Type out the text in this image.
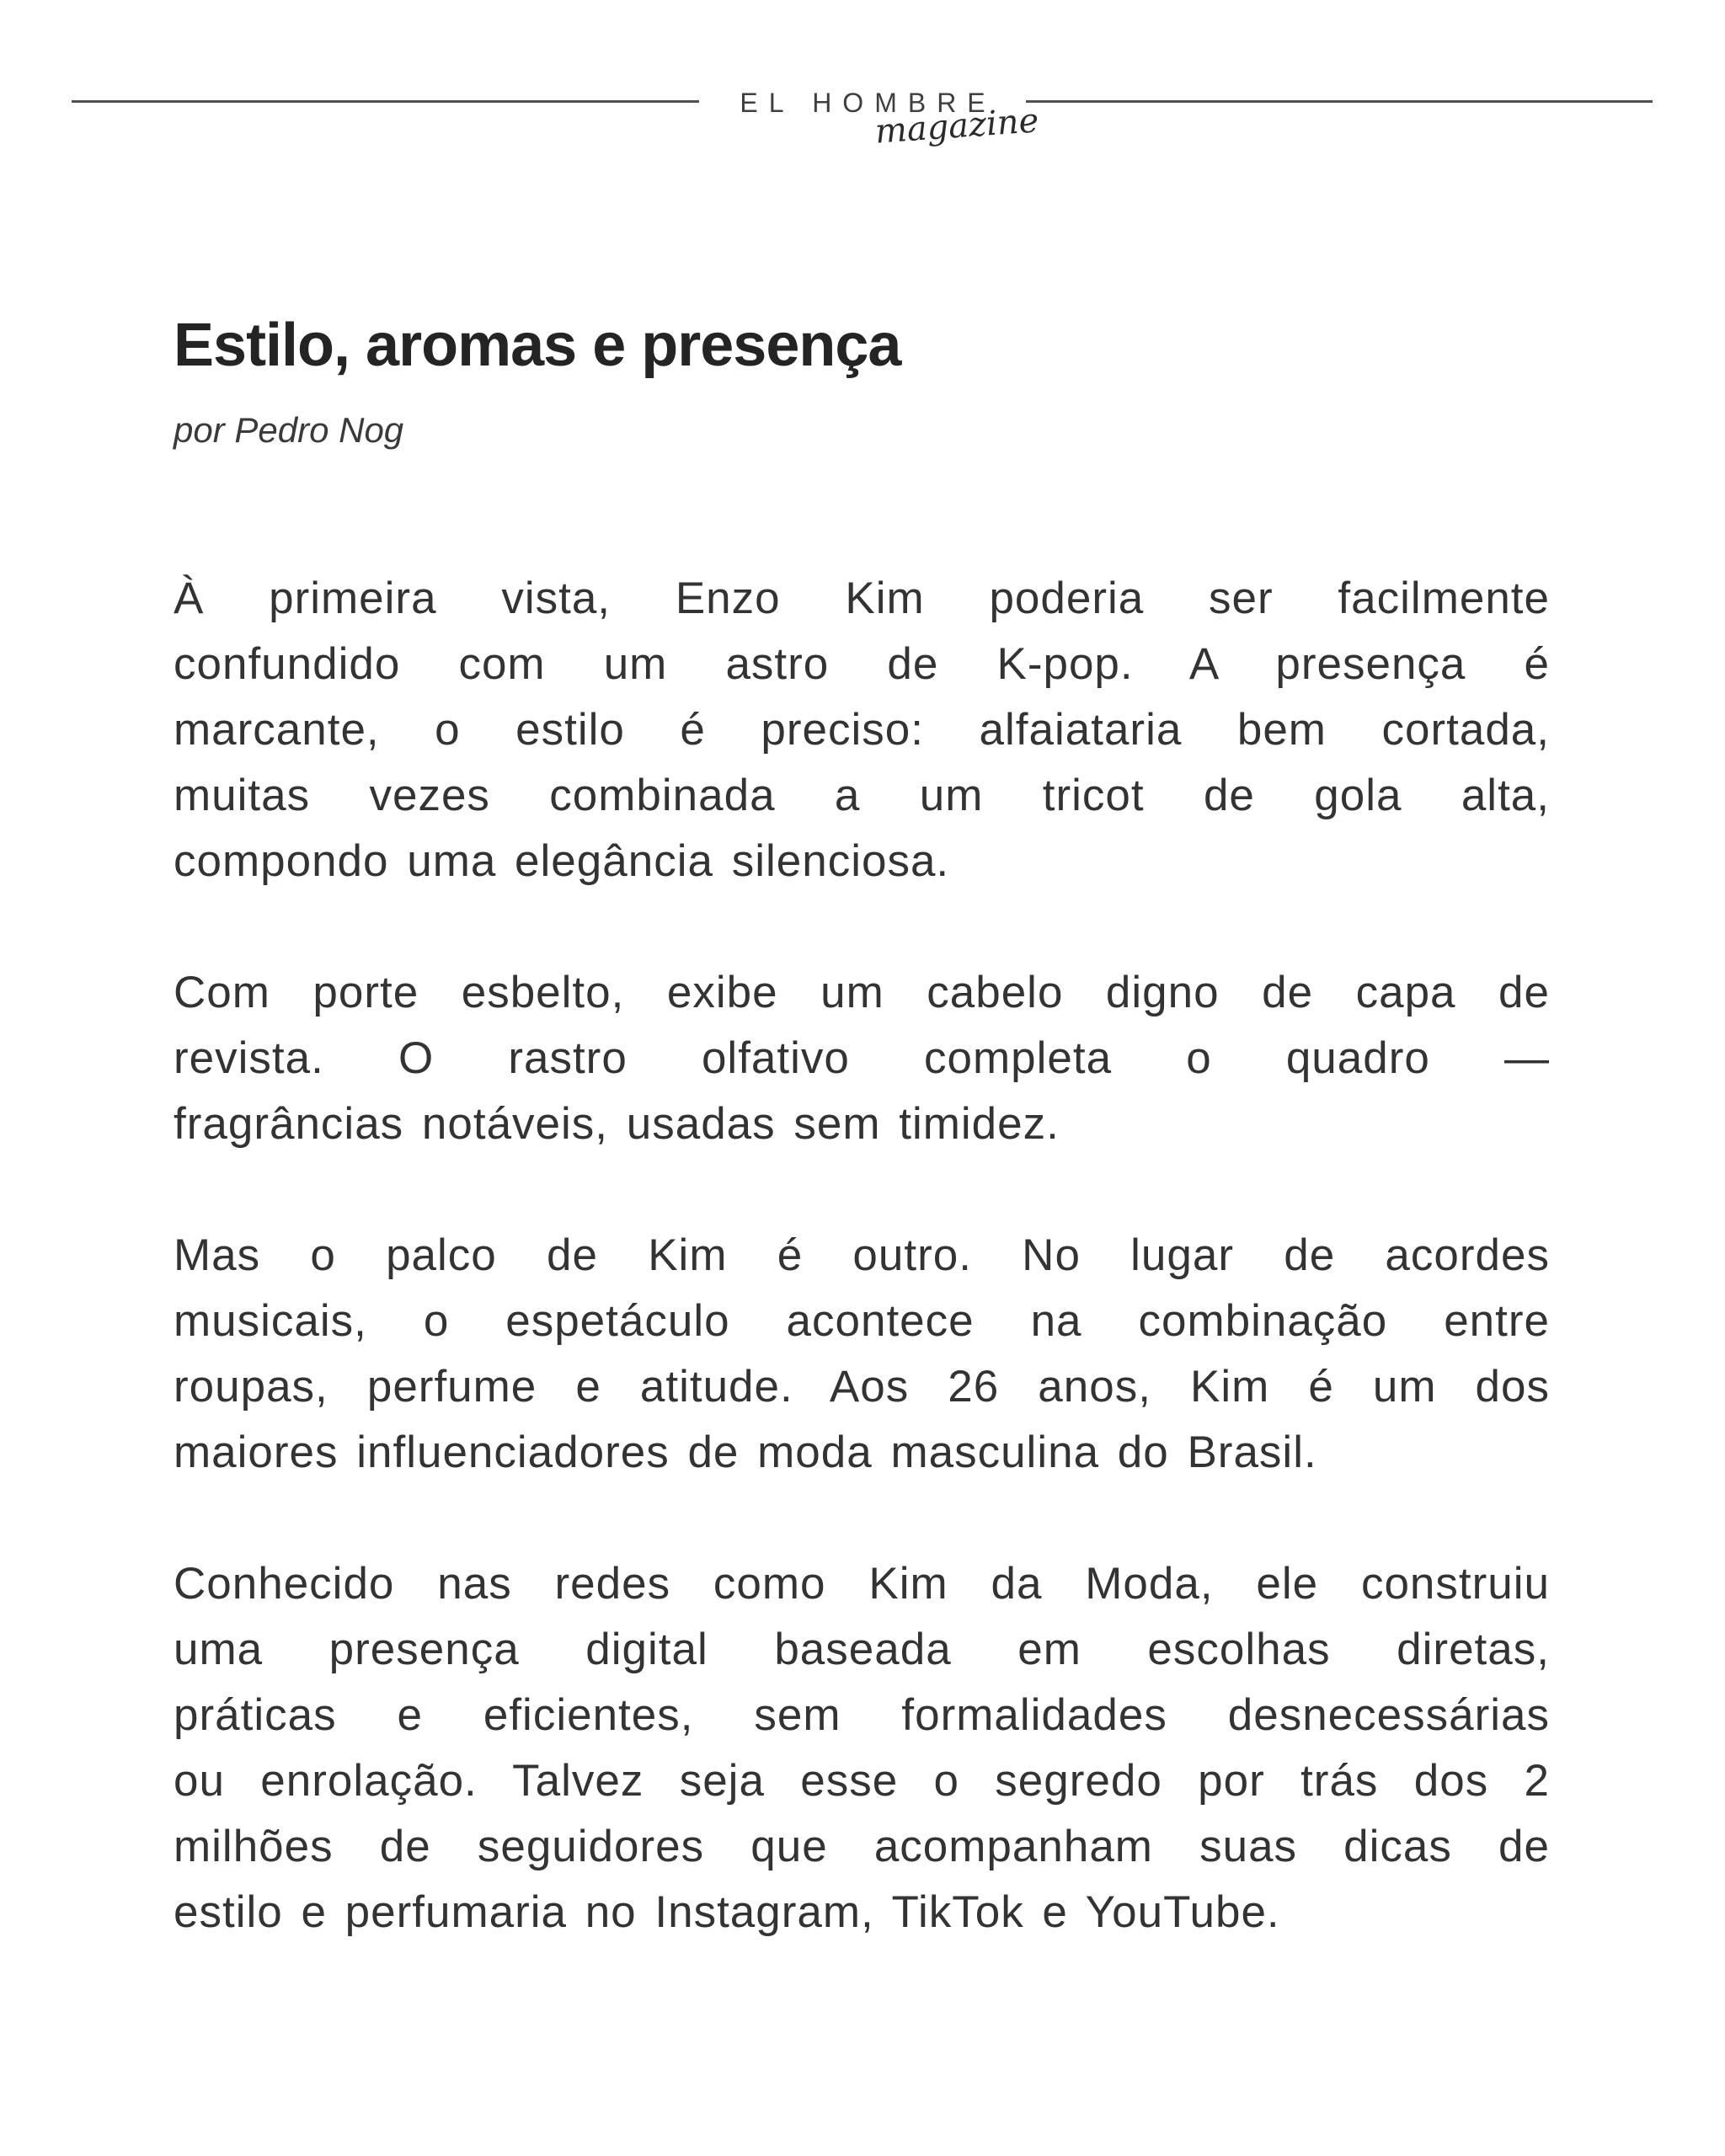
EL HOMBRE
magazine
Estilo, aromas e presença
por Pedro Nog
À primeira vista, Enzo Kim poderia ser facilmente
confundido com um astro de K-pop. A presença é
marcante, o estilo é preciso: alfaiataria bem cortada,
muitas vezes combinada a um tricot de gola alta,
compondo uma elegância silenciosa.
Com porte esbelto, exibe um cabelo digno de capa de
revista. O rastro olfativo completa o quadro —
fragrâncias notáveis, usadas sem timidez.
Mas o palco de Kim é outro. No lugar de acordes
musicais, o espetáculo acontece na combinação entre
roupas, perfume e atitude. Aos 26 anos, Kim é um dos
maiores influenciadores de moda masculina do Brasil.
Conhecido nas redes como Kim da Moda, ele construiu
uma presença digital baseada em escolhas diretas,
práticas e eficientes, sem formalidades desnecessárias
ou enrolação. Talvez seja esse o segredo por trás dos 2
milhões de seguidores que acompanham suas dicas de
estilo e perfumaria no Instagram, TikTok e YouTube.
